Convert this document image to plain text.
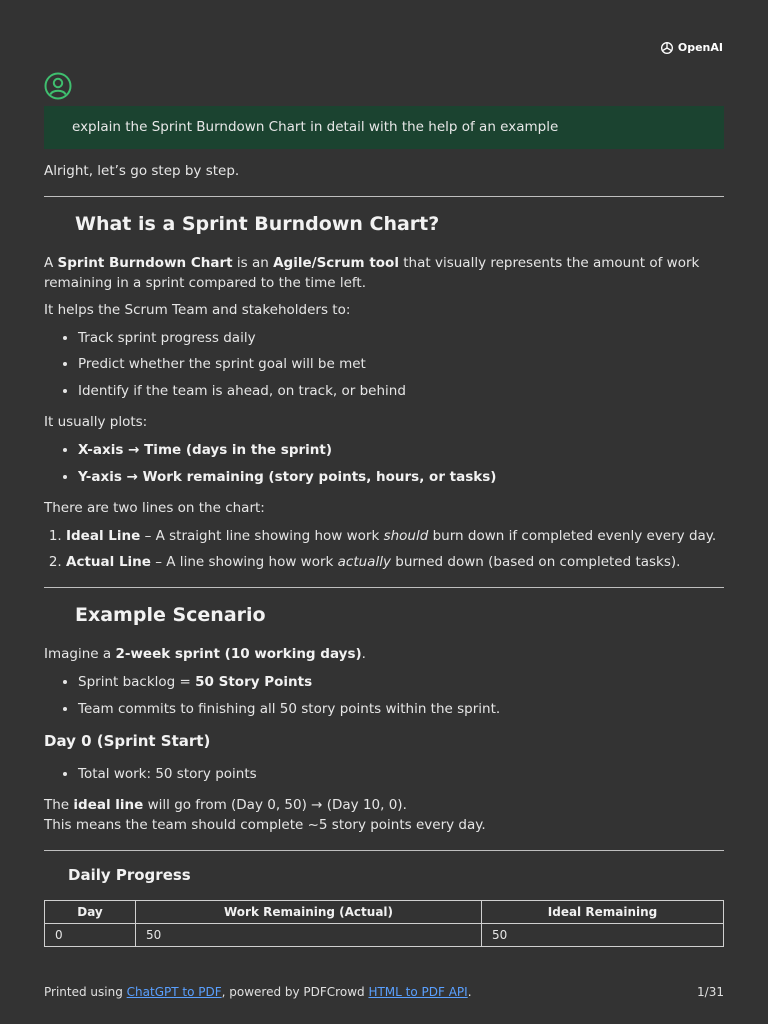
OpenAI
explain the Sprint Burndown Chart in detail with the help of an example

Alright, let’s go step by step.

What is a Sprint Burndown Chart?

A Sprint Burndown Chart is an Agile/Scrum tool that visually represents the amount of work remaining in a sprint compared to the time left.

It helps the Scrum Team and stakeholders to:

• Track sprint progress daily
• Predict whether the sprint goal will be met
• Identify if the team is ahead, on track, or behind

It usually plots:

• X-axis → Time (days in the sprint)
• Y-axis → Work remaining (story points, hours, or tasks)

There are two lines on the chart:

1. Ideal Line – A straight line showing how work should burn down if completed evenly every day.
2. Actual Line – A line showing how work actually burned down (based on completed tasks).
Example Scenario

Imagine a 2-week sprint (10 working days).

• Sprint backlog = 50 Story Points
• Team commits to finishing all 50 story points within the sprint.
Day 0 (Sprint Start)
• Total work: 50 story points

The ideal line will go from (Day 0, 50) → (Day 10, 0).

This means the team should complete ~5 story points every day.

Daily Progress
Day	Work Remaining (Actual)	Ideal Remaining
0	50	50
Printed using ChatGPT to PDF, powered by PDFCrowd HTML to PDF API.	1/31
